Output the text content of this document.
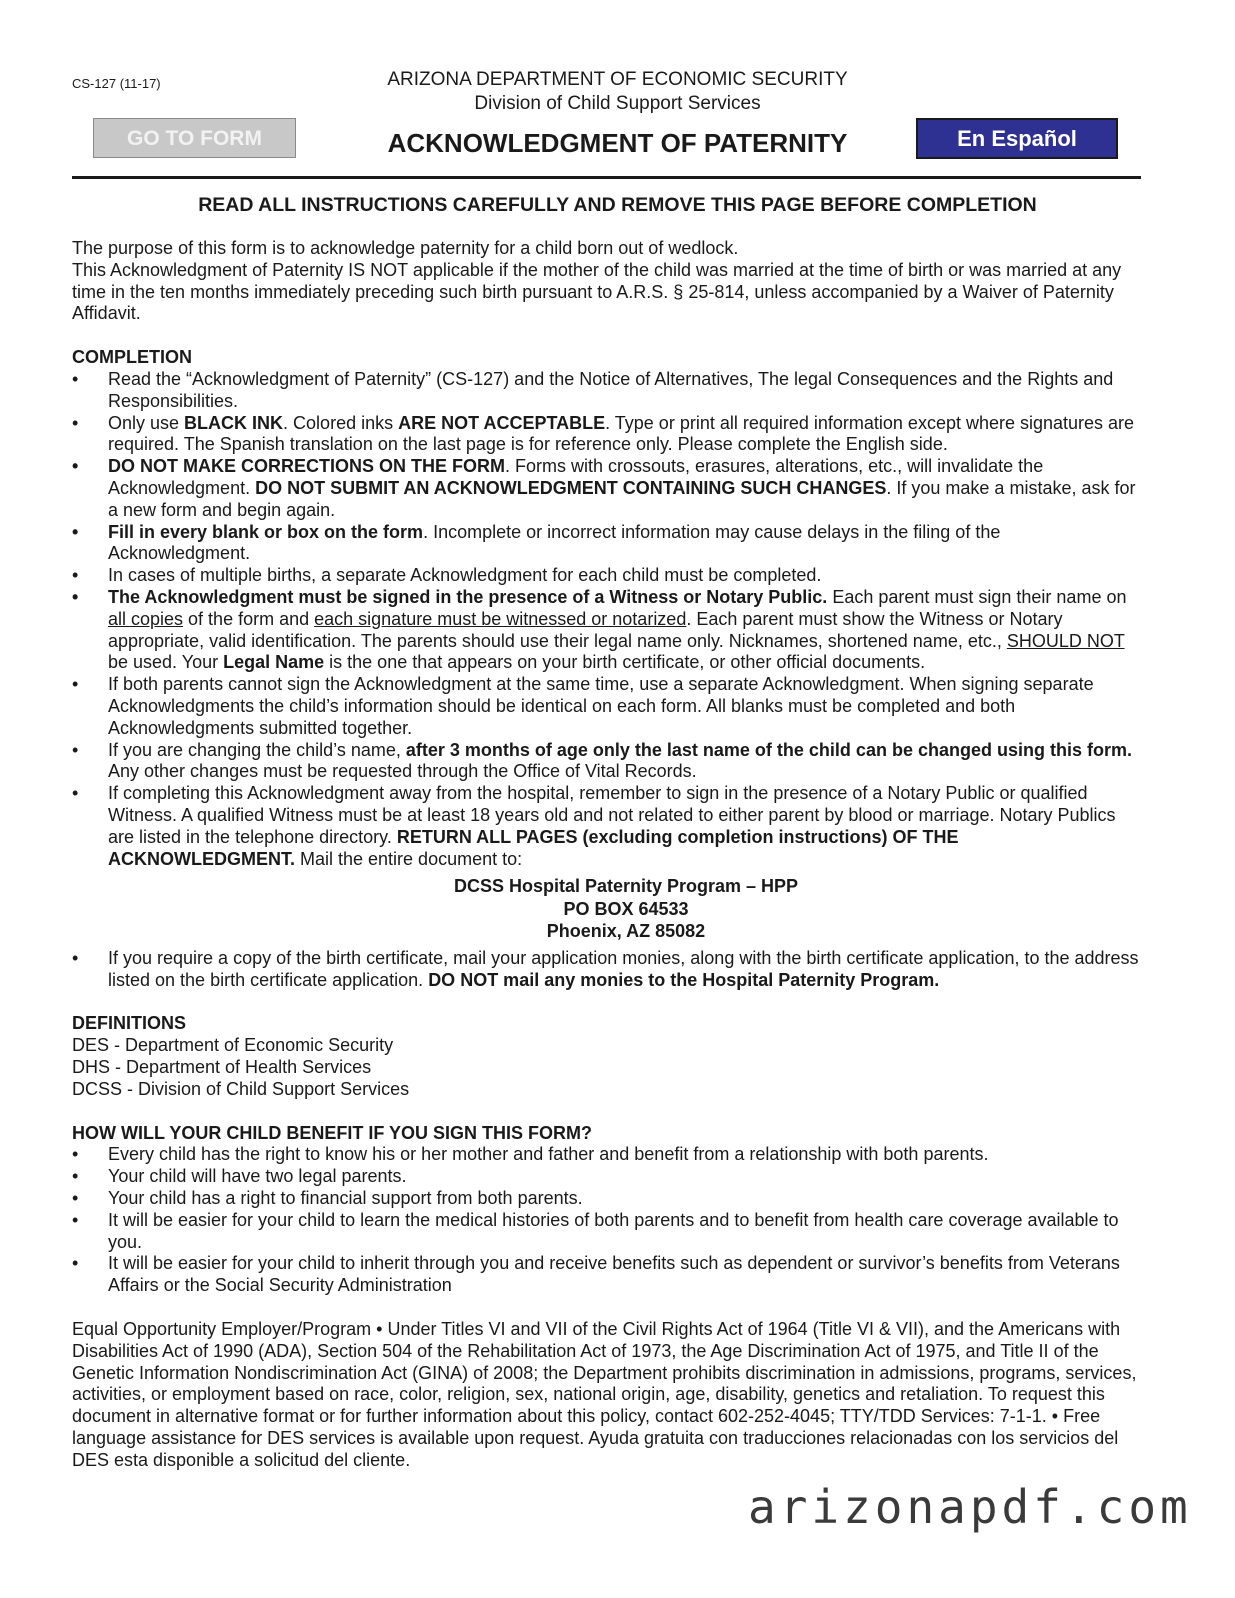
CS-127 (11-17)	ARIZONA DEPARTMENT OF ECONOMIC SECURITY
Division of Child Support Services
GO TO FORM	ACKNOWLEDGMENT OF PATERNITY	En Español
READ ALL INSTRUCTIONS CAREFULLY AND REMOVE THIS PAGE BEFORE COMPLETION

The purpose of this form is to acknowledge paternity for a child born out of wedlock.

This Acknowledgment of Paternity IS NOT applicable if the mother of the child was married at the time of birth or was married at any time in the ten months immediately preceding such birth pursuant to A.R.S. § 25-814, unless accompanied by a Waiver of Paternity Affidavit.

COMPLETION

•	Read the “Acknowledgment of Paternity” (CS-127) and the Notice of Alternatives, The legal Consequences and the Rights and Responsibilities.
•	Only use BLACK INK. Colored inks ARE NOT ACCEPTABLE. Type or print all required information except where signatures are required. The Spanish translation on the last page is for reference only. Please complete the English side.
•	DO NOT MAKE CORRECTIONS ON THE FORM. Forms with crossouts, erasures, alterations, etc., will invalidate the Acknowledgment. DO NOT SUBMIT AN ACKNOWLEDGMENT CONTAINING SUCH CHANGES. If you make a mistake, ask for a new form and begin again.
•	Fill in every blank or box on the form. Incomplete or incorrect information may cause delays in the filing of the Acknowledgment.
•	In cases of multiple births, a separate Acknowledgment for each child must be completed.
•	The Acknowledgment must be signed in the presence of a Witness or Notary Public. Each parent must sign their name on all copies of the form and each signature must be witnessed or notarized. Each parent must show the Witness or Notary appropriate, valid identification. The parents should use their legal name only. Nicknames, shortened name, etc., SHOULD NOT be used. Your Legal Name is the one that appears on your birth certificate, or other official documents.
•	If both parents cannot sign the Acknowledgment at the same time, use a separate Acknowledgment. When signing separate Acknowledgments the child’s information should be identical on each form. All blanks must be completed and both Acknowledgments submitted together.
•	If you are changing the child’s name, after 3 months of age only the last name of the child can be changed using this form. Any other changes must be requested through the Office of Vital Records.
•	If completing this Acknowledgment away from the hospital, remember to sign in the presence of a Notary Public or qualified Witness. A qualified Witness must be at least 18 years old and not related to either parent by blood or marriage. Notary Publics are listed in the telephone directory. RETURN ALL PAGES (excluding completion instructions) OF THE ACKNOWLEDGMENT. Mail the entire document to:
DCSS Hospital Paternity Program – HPP
PO BOX 64533
Phoenix, AZ 85082
•	If you require a copy of the birth certificate, mail your application monies, along with the birth certificate application, to the address listed on the birth certificate application. DO NOT mail any monies to the Hospital Paternity Program.

DEFINITIONS

DES - Department of Economic Security

DHS - Department of Health Services

DCSS - Division of Child Support Services

HOW WILL YOUR CHILD BENEFIT IF YOU SIGN THIS FORM?

•	Every child has the right to know his or her mother and father and benefit from a relationship with both parents.
•	Your child will have two legal parents.
•	Your child has a right to financial support from both parents.
•	It will be easier for your child to learn the medical histories of both parents and to benefit from health care coverage available to you.
•	It will be easier for your child to inherit through you and receive benefits such as dependent or survivor’s benefits from Veterans Affairs or the Social Security Administration

Equal Opportunity Employer/Program • Under Titles VI and VII of the Civil Rights Act of 1964 (Title VI & VII), and the Americans with Disabilities Act of 1990 (ADA), Section 504 of the Rehabilitation Act of 1973, the Age Discrimination Act of 1975, and Title II of the Genetic Information Nondiscrimination Act (GINA) of 2008; the Department prohibits discrimination in admissions, programs, services, activities, or employment based on race, color, religion, sex, national origin, age, disability, genetics and retaliation. To request this document in alternative format or for further information about this policy, contact 602-252-4045; TTY/TDD Services: 7-1-1. • Free language assistance for DES services is available upon request. Ayuda gratuita con traducciones relacionadas con los servicios del DES esta disponible a solicitud del cliente.

arizonapdf.com
